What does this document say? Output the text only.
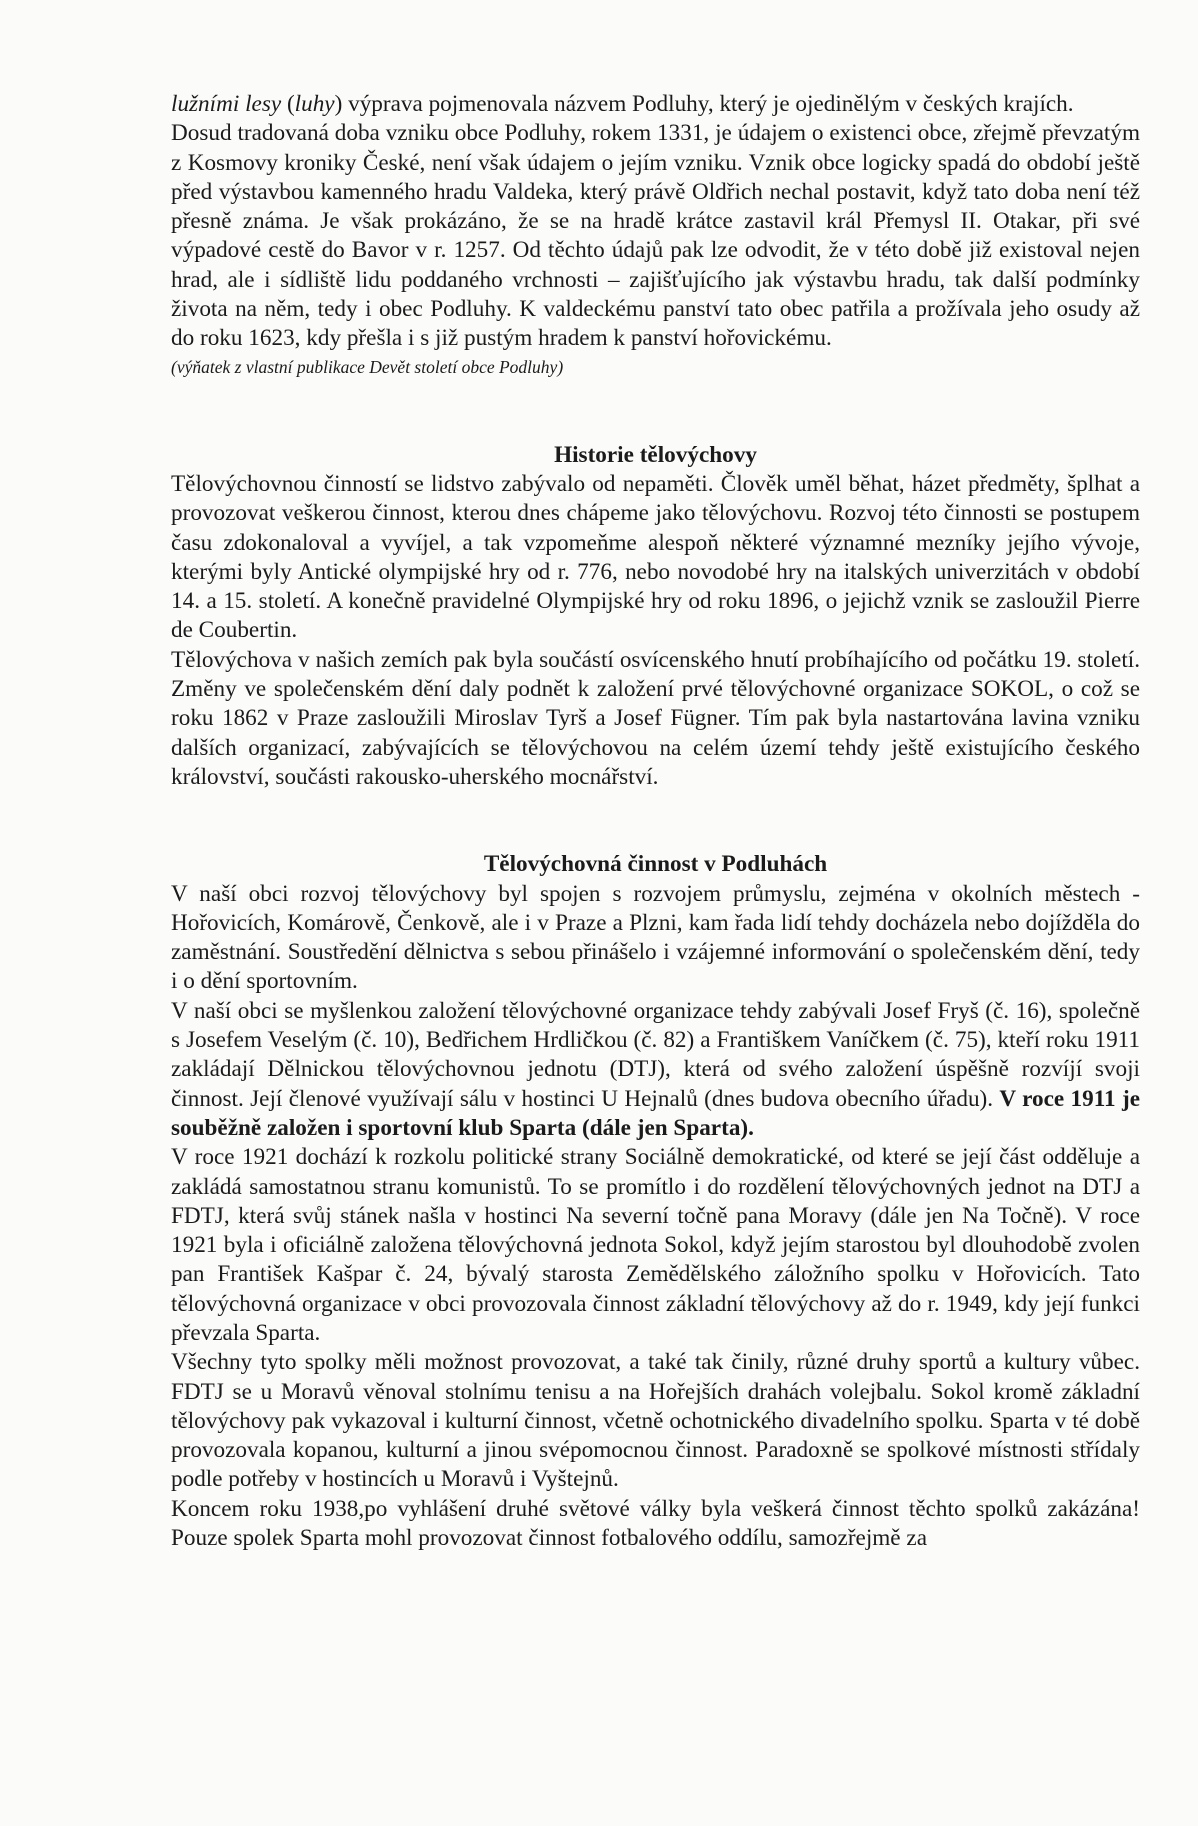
lužními lesy (luhy) výprava pojmenovala názvem Podluhy, který je ojedinělým v českých krajích.

Dosud tradovaná doba vzniku obce Podluhy, rokem 1331, je údajem o existenci obce, zřejmě převzatým z Kosmovy kroniky České, není však údajem o jejím vzniku. Vznik obce logicky spadá do období ještě před výstavbou kamenného hradu Valdeka, který právě Oldřich nechal postavit, když tato doba není též přesně známa. Je však prokázáno, že se na hradě krátce zastavil král Přemysl II. Otakar, při své výpadové cestě do Bavor v r. 1257. Od těchto údajů pak lze odvodit, že v této době již existoval nejen hrad, ale i sídliště lidu poddaného vrchnosti – zajišťujícího jak výstavbu hradu, tak další podmínky života na něm, tedy i obec Podluhy. K valdeckému panství tato obec patřila a prožívala jeho osudy až do roku 1623, kdy přešla i s již pustým hradem k panství hořovickému.

(výňatek z vlastní publikace Devět století obce Podluhy)

Historie tělovýchovy

Tělovýchovnou činností se lidstvo zabývalo od nepaměti. Člověk uměl běhat, házet předměty, šplhat a provozovat veškerou činnost, kterou dnes chápeme jako tělovýchovu. Rozvoj této činnosti se postupem času zdokonaloval a vyvíjel, a tak vzpomeňme alespoň některé významné mezníky jejího vývoje, kterými byly Antické olympijské hry od r. 776, nebo novodobé hry na italských univerzitách v období 14. a 15. století. A konečně pravidelné Olympijské hry od roku 1896, o jejichž vznik se zasloužil Pierre de Coubertin.

Tělovýchova v našich zemích pak byla součástí osvícenského hnutí probíhajícího od počátku 19. století. Změny ve společenském dění daly podnět k založení prvé tělovýchovné organizace SOKOL, o což se roku 1862 v Praze zasloužili Miroslav Tyrš a Josef Fügner. Tím pak byla nastartována lavina vzniku dalších organizací, zabývajících se tělovýchovou na celém území tehdy ještě existujícího českého království, součásti rakousko-uherského mocnářství.

Tělovýchovná činnost v Podluhách

V naší obci rozvoj tělovýchovy byl spojen s rozvojem průmyslu, zejména v okolních městech - Hořovicích, Komárově, Čenkově, ale i v Praze a Plzni, kam řada lidí tehdy docházela nebo dojížděla do zaměstnání. Soustředění dělnictva s sebou přinášelo i vzájemné informování o společenském dění, tedy i o dění sportovním.

V naší obci se myšlenkou založení tělovýchovné organizace tehdy zabývali Josef Fryš (č. 16), společně s Josefem Veselým (č. 10), Bedřichem Hrdličkou (č. 82) a Františkem Vaníčkem (č. 75), kteří roku 1911 zakládají Dělnickou tělovýchovnou jednotu (DTJ), která od svého založení úspěšně rozvíjí svoji činnost. Její členové využívají sálu v hostinci U Hejnalů (dnes budova obecního úřadu). V roce 1911 je souběžně založen i sportovní klub Sparta (dále jen Sparta).

V roce 1921 dochází k rozkolu politické strany Sociálně demokratické, od které se její část odděluje a zakládá samostatnou stranu komunistů. To se promítlo i do rozdělení tělovýchovných jednot na DTJ a FDTJ, která svůj stánek našla v hostinci Na severní točně pana Moravy (dále jen Na Točně). V roce 1921 byla i oficiálně založena tělovýchovná jednota Sokol, když jejím starostou byl dlouhodobě zvolen pan František Kašpar č. 24, bývalý starosta Zemědělského záložního spolku v Hořovicích. Tato tělovýchovná organizace v obci provozovala činnost základní tělovýchovy až do r. 1949, kdy její funkci převzala Sparta.

Všechny tyto spolky měli možnost provozovat, a také tak činily, různé druhy sportů a kultury vůbec. FDTJ se u Moravů věnoval stolnímu tenisu a na Hořejších drahách volejbalu. Sokol kromě základní tělovýchovy pak vykazoval i kulturní činnost, včetně ochotnického divadelního spolku. Sparta v té době provozovala kopanou, kulturní a jinou svépomocnou činnost. Paradoxně se spolkové místnosti střídaly podle potřeby v hostincích u Moravů i Vyštejnů.

Koncem roku 1938,po vyhlášení druhé světové války byla veškerá činnost těchto spolků zakázána! Pouze spolek Sparta mohl provozovat činnost fotbalového oddílu, samozřejmě za
